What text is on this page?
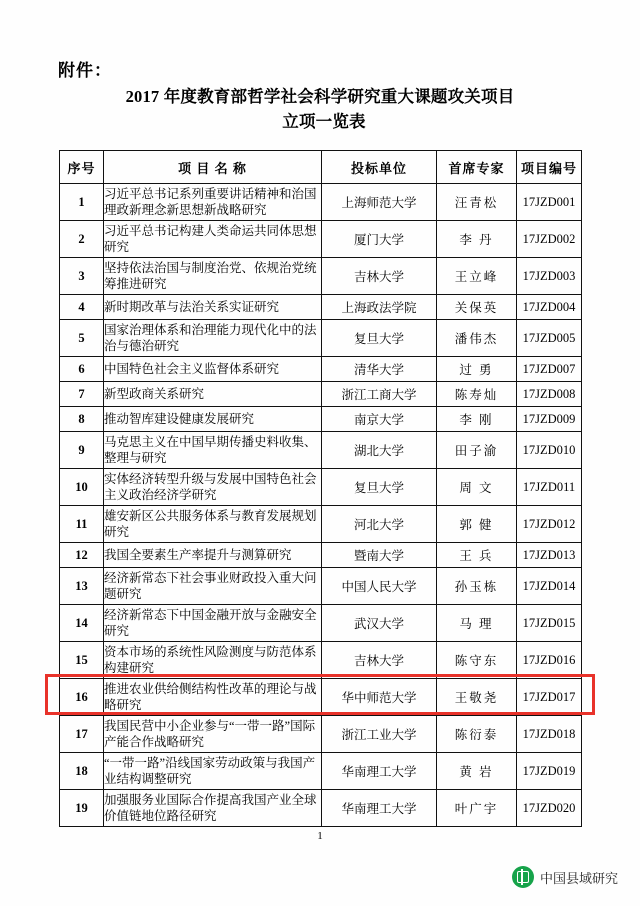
附件：
2017 年度教育部哲学社会科学研究重大课题攻关项目
立项一览表
序号	项 目 名 称	投标单位	首席专家	项目编号
1	习近平总书记系列重要讲话精神和治国理政新理念新思想新战略研究	上海师范大学	汪青松	17JZD001
2	习近平总书记构建人类命运共同体思想研究	厦门大学	李 丹	17JZD002
3	坚持依法治国与制度治党、依规治党统筹推进研究	吉林大学	王立峰	17JZD003
4	新时期改革与法治关系实证研究	上海政法学院	关保英	17JZD004
5	国家治理体系和治理能力现代化中的法治与德治研究	复旦大学	潘伟杰	17JZD005
6	中国特色社会主义监督体系研究	清华大学	过 勇	17JZD007
7	新型政商关系研究	浙江工商大学	陈寿灿	17JZD008
8	推动智库建设健康发展研究	南京大学	李 刚	17JZD009
9	马克思主义在中国早期传播史料收集、整理与研究	湖北大学	田子渝	17JZD010
10	实体经济转型升级与发展中国特色社会主义政治经济学研究	复旦大学	周 文	17JZD011
11	雄安新区公共服务体系与教育发展规划研究	河北大学	郭 健	17JZD012
12	我国全要素生产率提升与测算研究	暨南大学	王 兵	17JZD013
13	经济新常态下社会事业财政投入重大问题研究	中国人民大学	孙玉栋	17JZD014
14	经济新常态下中国金融开放与金融安全研究	武汉大学	马 理	17JZD015
15	资本市场的系统性风险测度与防范体系构建研究	吉林大学	陈守东	17JZD016
16	推进农业供给侧结构性改革的理论与战略研究	华中师范大学	王敬尧	17JZD017
17	我国民营中小企业参与“一带一路”国际产能合作战略研究	浙江工业大学	陈衍泰	17JZD018
18	“一带一路”沿线国家劳动政策与我国产业结构调整研究	华南理工大学	黄 岩	17JZD019
19	加强服务业国际合作提高我国产业全球价值链地位路径研究	华南理工大学	叶广宇	17JZD020
1
中国县域研究
